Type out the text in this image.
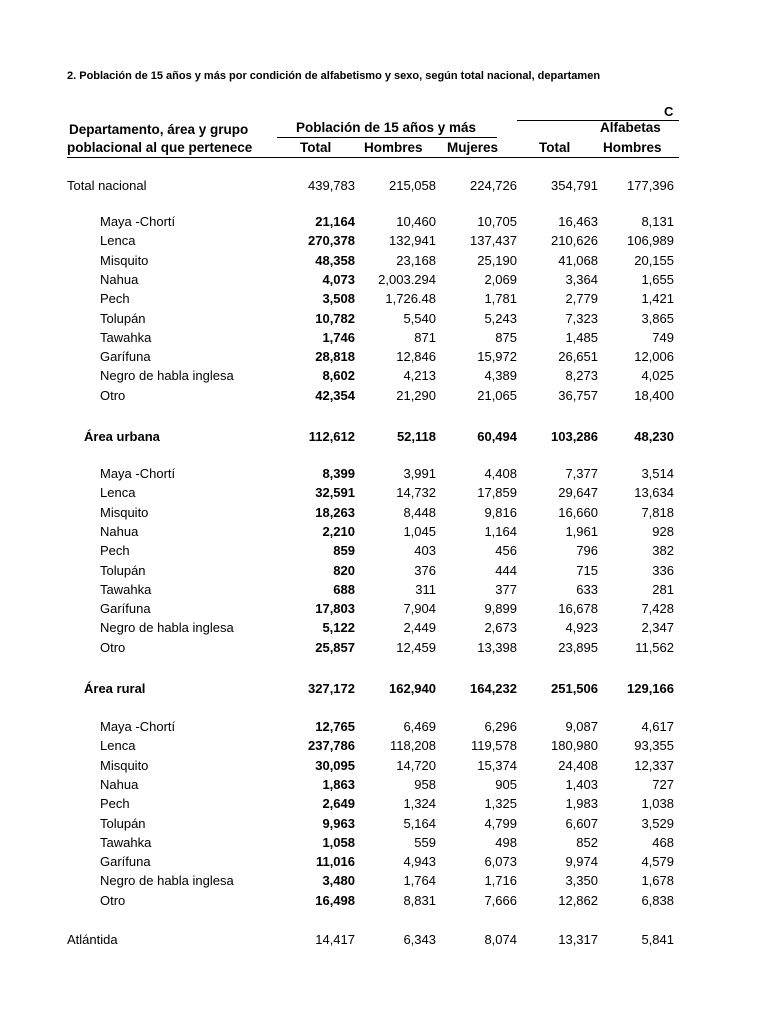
2. Población de 15 años y más por condición de alfabetismo y sexo, según total nacional, departamen
C
Departamento, área y grupo
poblacional al que pertenece
Población de 15 años y más	Alfabetas
Total Hombres Mujeres	Total Hombres
Total nacional	439,783	215,058	224,726	354,791	177,396
Maya -Chortí	21,164	10,460	10,705	16,463	8,131
Lenca	270,378	132,941	137,437	210,626	106,989
Misquito	48,358	23,168	25,190	41,068	20,155
Nahua	4,073	2,003.294	2,069	3,364	1,655
Pech	3,508	1,726.48	1,781	2,779	1,421
Tolupán	10,782	5,540	5,243	7,323	3,865
Tawahka	1,746	871	875	1,485	749
Garífuna	28,818	12,846	15,972	26,651	12,006
Negro de habla inglesa	8,602	4,213	4,389	8,273	4,025
Otro	42,354	21,290	21,065	36,757	18,400
Área urbana	112,612	52,118	60,494	103,286	48,230
Maya -Chortí	8,399	3,991	4,408	7,377	3,514
Lenca	32,591	14,732	17,859	29,647	13,634
Misquito	18,263	8,448	9,816	16,660	7,818
Nahua	2,210	1,045	1,164	1,961	928
Pech	859	403	456	796	382
Tolupán	820	376	444	715	336
Tawahka	688	311	377	633	281
Garífuna	17,803	7,904	9,899	16,678	7,428
Negro de habla inglesa	5,122	2,449	2,673	4,923	2,347
Otro	25,857	12,459	13,398	23,895	11,562
Área rural	327,172	162,940	164,232	251,506	129,166
Maya -Chortí	12,765	6,469	6,296	9,087	4,617
Lenca	237,786	118,208	119,578	180,980	93,355
Misquito	30,095	14,720	15,374	24,408	12,337
Nahua	1,863	958	905	1,403	727
Pech	2,649	1,324	1,325	1,983	1,038
Tolupán	9,963	5,164	4,799	6,607	3,529
Tawahka	1,058	559	498	852	468
Garífuna	11,016	4,943	6,073	9,974	4,579
Negro de habla inglesa	3,480	1,764	1,716	3,350	1,678
Otro	16,498	8,831	7,666	12,862	6,838
Atlántida	14,417	6,343	8,074	13,317	5,841
